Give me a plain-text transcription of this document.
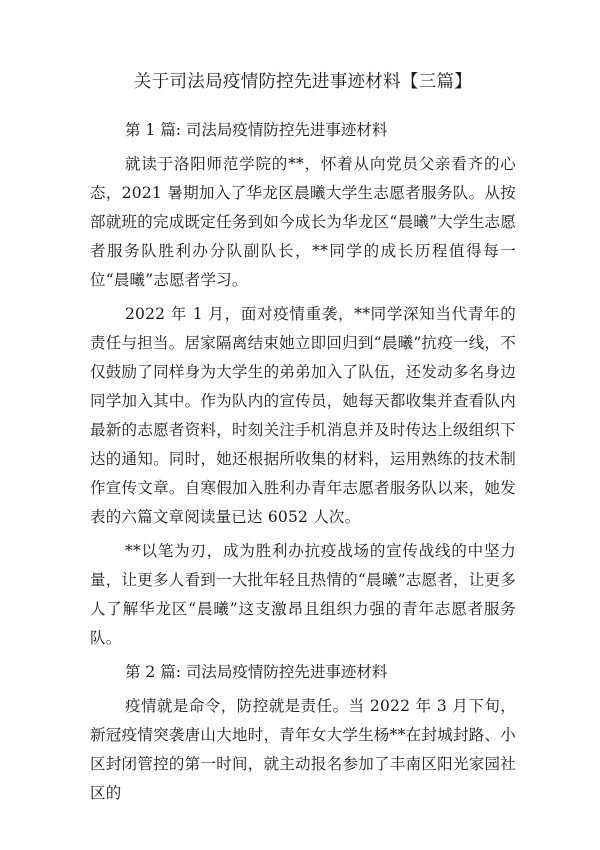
关于司法局疫情防控先进事迹材料【三篇】
第 1 篇: 司法局疫情防控先进事迹材料

就读于洛阳师范学院的**，怀着从向党员父亲看齐的心态，2021 暑期加入了华龙区晨曦大学生志愿者服务队。从按部就班的完成既定任务到如今成长为华龙区“晨曦”大学生志愿者服务队胜利办分队副队长，**同学的成长历程值得每一位“晨曦”志愿者学习。

2022 年 1 月，面对疫情重袭，**同学深知当代青年的责任与担当。居家隔离结束她立即回归到“晨曦”抗疫一线，不仅鼓励了同样身为大学生的弟弟加入了队伍，还发动多名身边同学加入其中。作为队内的宣传员，她每天都收集并查看队内最新的志愿者资料，时刻关注手机消息并及时传达上级组织下达的通知。同时，她还根据所收集的材料，运用熟练的技术制作宣传文章。自寒假加入胜利办青年志愿者服务队以来，她发表的六篇文章阅读量已达 6052 人次。

**以笔为刃，成为胜利办抗疫战场的宣传战线的中坚力量，让更多人看到一大批年轻且热情的“晨曦”志愿者，让更多人了解华龙区“晨曦”这支激昂且组织力强的青年志愿者服务队。

第 2 篇: 司法局疫情防控先进事迹材料

疫情就是命令，防控就是责任。当 2022 年 3 月下旬，新冠疫情突袭唐山大地时，青年女大学生杨**在封城封路、小区封闭管控的第一时间，就主动报名参加了丰南区阳光家园社区的
